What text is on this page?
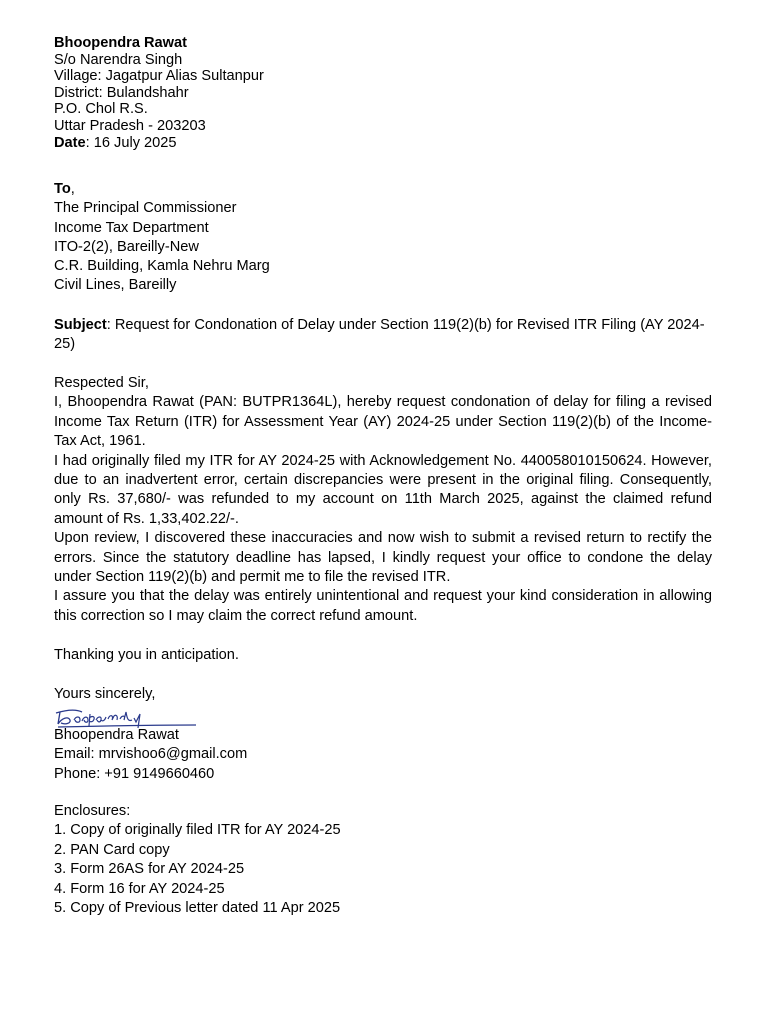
Bhoopendra Rawat

S/o Narendra Singh

Village: Jagatpur Alias Sultanpur

District: Bulandshahr

P.O. Chol R.S.

Uttar Pradesh - 203203

Date: 16 July 2025

To,

The Principal Commissioner

Income Tax Department

ITO-2(2), Bareilly-New

C.R. Building, Kamla Nehru Marg

Civil Lines, Bareilly

Subject: Request for Condonation of Delay under Section 119(2)(b) for Revised ITR Filing (AY 2024-25)

Respected Sir,

I, Bhoopendra Rawat (PAN: BUTPR1364L), hereby request condonation of delay for filing a revised Income Tax Return (ITR) for Assessment Year (AY) 2024-25 under Section 119(2)(b) of the Income-Tax Act, 1961.

I had originally filed my ITR for AY 2024-25 with Acknowledgement No. 440058010150624. However, due to an inadvertent error, certain discrepancies were present in the original filing. Consequently, only Rs. 37,680/- was refunded to my account on 11th March 2025, against the claimed refund amount of Rs. 1,33,402.22/-.

Upon review, I discovered these inaccuracies and now wish to submit a revised return to rectify the errors. Since the statutory deadline has lapsed, I kindly request your office to condone the delay under Section 119(2)(b) and permit me to file the revised ITR.

I assure you that the delay was entirely unintentional and request your kind consideration in allowing this correction so I may claim the correct refund amount.

Thanking you in anticipation.

Yours sincerely,

Bhoopendra Rawat

Email: mrvishoo6@gmail.com

Phone: +91 9149660460

Enclosures:

1. Copy of originally filed ITR for AY 2024-25

2. PAN Card copy

3. Form 26AS for AY 2024-25

4. Form 16 for AY 2024-25

5. Copy of Previous letter dated 11 Apr 2025
